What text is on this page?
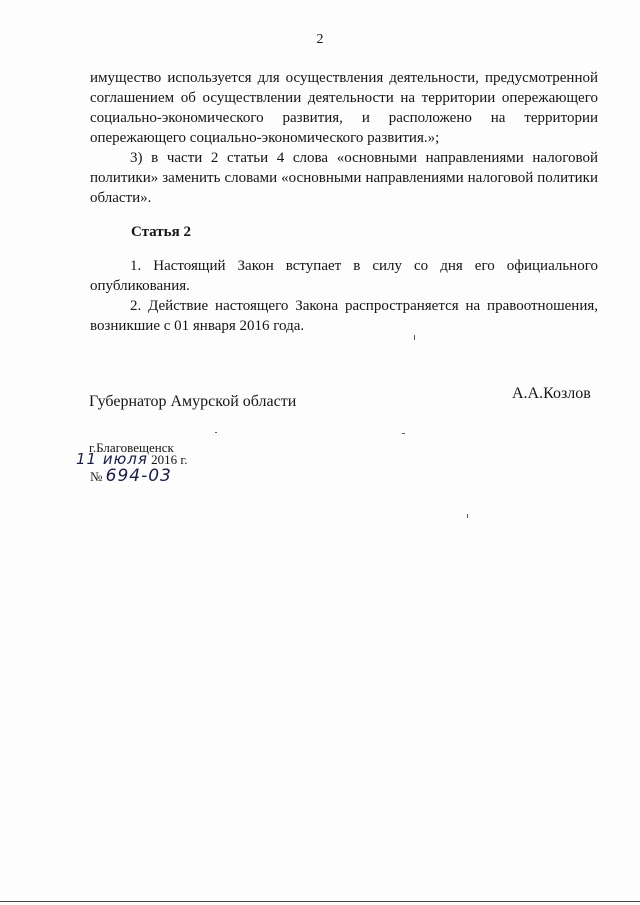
2

имущество используется для осуществления деятельности, предусмотренной соглашением об осуществлении деятельности на территории опережающего социально-экономического развития, и расположено на территории опережающего социально-экономического развития.»;

3) в части 2 статьи 4 слова «основными направлениями налоговой политики» заменить словами «основными направлениями налоговой политики области».

Статья 2

1. Настоящий Закон вступает в силу со дня его официального опубликования.

2. Действие настоящего Закона распространяется на правоотношения, возникшие с 01 января 2016 года.

Губернатор Амурской области	А.А.Козлов
г.Благовещенск
11 июля 2016 г.
№ 694-03
